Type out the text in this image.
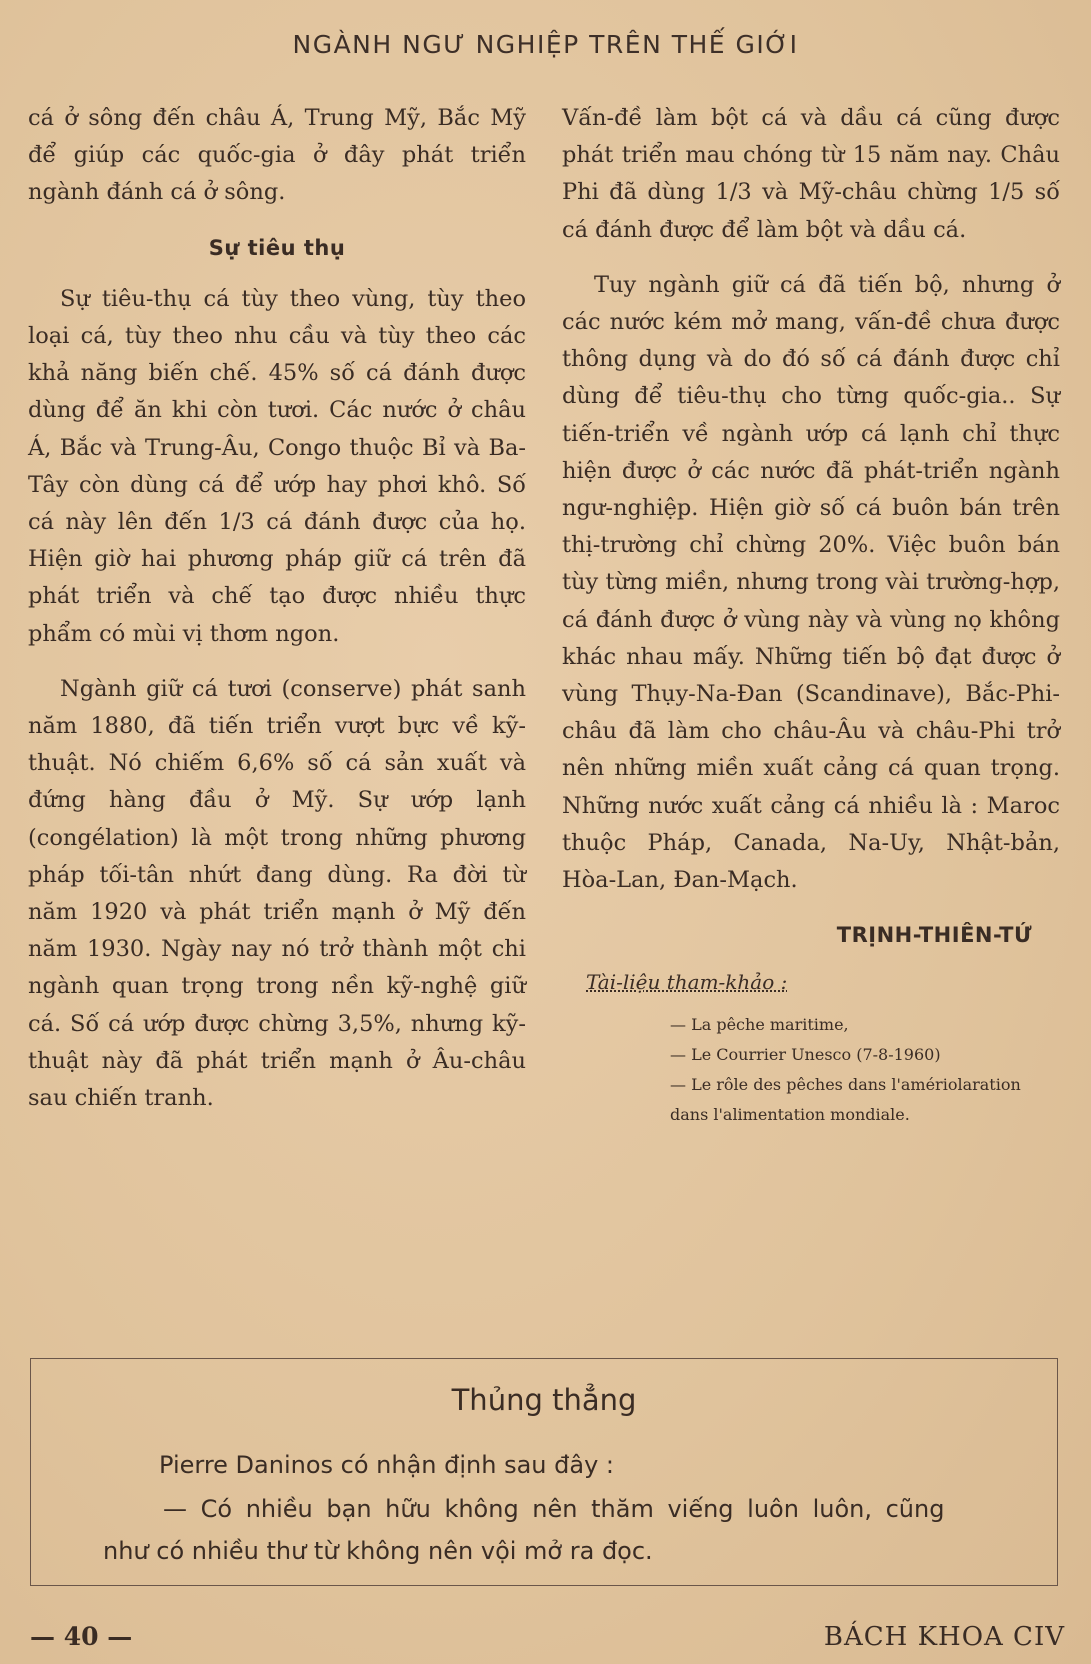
NGÀNH NGƯ NGHIỆP TRÊN THẾ GIỚI

cá ở sông đến châu Á, Trung Mỹ, Bắc Mỹ để giúp các quốc-gia ở đây phát triển ngành đánh cá ở sông.

Sự tiêu thụ

Sự tiêu-thụ cá tùy theo vùng, tùy theo loại cá, tùy theo nhu cầu và tùy theo các khả năng biến chế. 45% số cá đánh được dùng để ăn khi còn tươi. Các nước ở châu Á, Bắc và Trung-Âu, Congo thuộc Bỉ và Ba-Tây còn dùng cá để ướp hay phơi khô. Số cá này lên đến 1/3 cá đánh được của họ. Hiện giờ hai phương pháp giữ cá trên đã phát triển và chế tạo được nhiều thực phẩm có mùi vị thơm ngon.

Ngành giữ cá tươi (conserve) phát sanh năm 1880, đã tiến triển vượt bực về kỹ-thuật. Nó chiếm 6,6% số cá sản xuất và đứng hàng đầu ở Mỹ. Sự ướp lạnh (congélation) là một trong những phương pháp tối-tân nhứt đang dùng. Ra đời từ năm 1920 và phát triển mạnh ở Mỹ đến năm 1930. Ngày nay nó trở thành một chi ngành quan trọng trong nền kỹ-nghệ giữ cá. Số cá ướp được chừng 3,5%, nhưng kỹ-thuật này đã phát triển mạnh ở Âu-châu sau chiến tranh.

Vấn-đề làm bột cá và dầu cá cũng được phát triển mau chóng từ 15 năm nay. Châu Phi đã dùng 1/3 và Mỹ-châu chừng 1/5 số cá đánh được để làm bột và dầu cá.

Tuy ngành giữ cá đã tiến bộ, nhưng ở các nước kém mở mang, vấn-đề chưa được thông dụng và do đó số cá đánh được chỉ dùng để tiêu-thụ cho từng quốc-gia.. Sự tiến-triển về ngành ướp cá lạnh chỉ thực hiện được ở các nước đã phát-triển ngành ngư-nghiệp. Hiện giờ số cá buôn bán trên thị-trường chỉ chừng 20%. Việc buôn bán tùy từng miền, nhưng trong vài trường-hợp, cá đánh được ở vùng này và vùng nọ không khác nhau mấy. Những tiến bộ đạt được ở vùng Thụy-Na-Đan (Scandinave), Bắc-Phi-châu đã làm cho châu-Âu và châu-Phi trở nên những miền xuất cảng cá quan trọng. Những nước xuất cảng cá nhiều là : Maroc thuộc Pháp, Canada, Na-Uy, Nhật-bản, Hòa-Lan, Đan-Mạch.

TRỊNH-THIÊN-TỨ
Tài-liệu tham-khảo :
— La pêche maritime,
— Le Courrier Unesco (7-8-1960)
— Le rôle des pêches dans l'amériolaration dans l'alimentation mondiale.
Thủng thẳng
Pierre Daninos có nhận định sau đây :
— Có nhiều bạn hữu không nên thăm viếng luôn luôn, cũng
như có nhiều thư từ không nên vội mở ra đọc.
— 40 —	BÁCH KHOA CIV
